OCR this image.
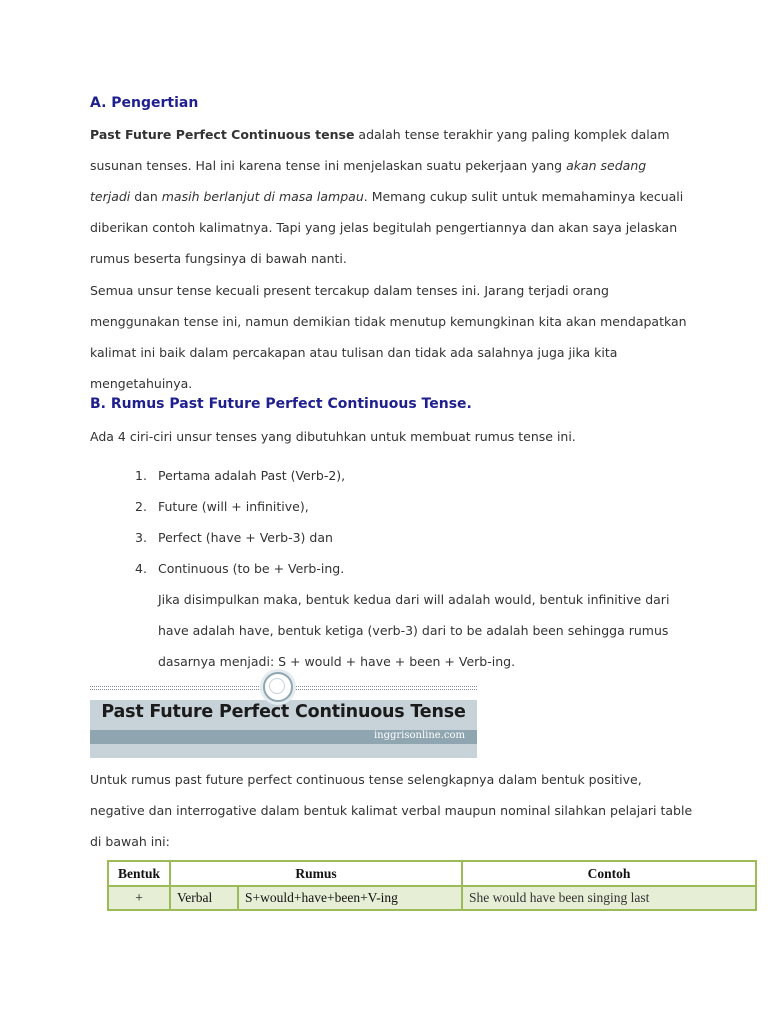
A. Pengertian
Past Future Perfect Continuous tense adalah tense terakhir yang paling komplek dalam
susunan tenses. Hal ini karena tense ini menjelaskan suatu pekerjaan yang akan sedang
terjadi dan masih berlanjut di masa lampau. Memang cukup sulit untuk memahaminya kecuali
diberikan contoh kalimatnya. Tapi yang jelas begitulah pengertiannya dan akan saya jelaskan
rumus beserta fungsinya di bawah nanti.
Semua unsur tense kecuali present tercakup dalam tenses ini. Jarang terjadi orang
menggunakan tense ini, namun demikian tidak menutup kemungkinan kita akan mendapatkan
kalimat ini baik dalam percakapan atau tulisan dan tidak ada salahnya juga jika kita
mengetahuinya.
B. Rumus Past Future Perfect Continuous Tense.
Ada 4 ciri-ciri unsur tenses yang dibutuhkan untuk membuat rumus tense ini.
1. Pertama adalah Past (Verb-2),
2. Future (will + infinitive),
3. Perfect (have + Verb-3) dan
4. Continuous (to be + Verb-ing.
Jika disimpulkan maka, bentuk kedua dari will adalah would, bentuk infinitive dari
have adalah have, bentuk ketiga (verb-3) dari to be adalah been sehingga rumus
dasarnya menjadi: S + would + have + been + Verb-ing.
Past Future Perfect Continuous Tense
inggrisonline.com
Untuk rumus past future perfect continuous tense selengkapnya dalam bentuk positive,
negative dan interrogative dalam bentuk kalimat verbal maupun nominal silahkan pelajari table
di bawah ini:
Bentuk	Rumus		Contoh
+	Verbal	S+would+have+been+V-ing	She would have been singing last
